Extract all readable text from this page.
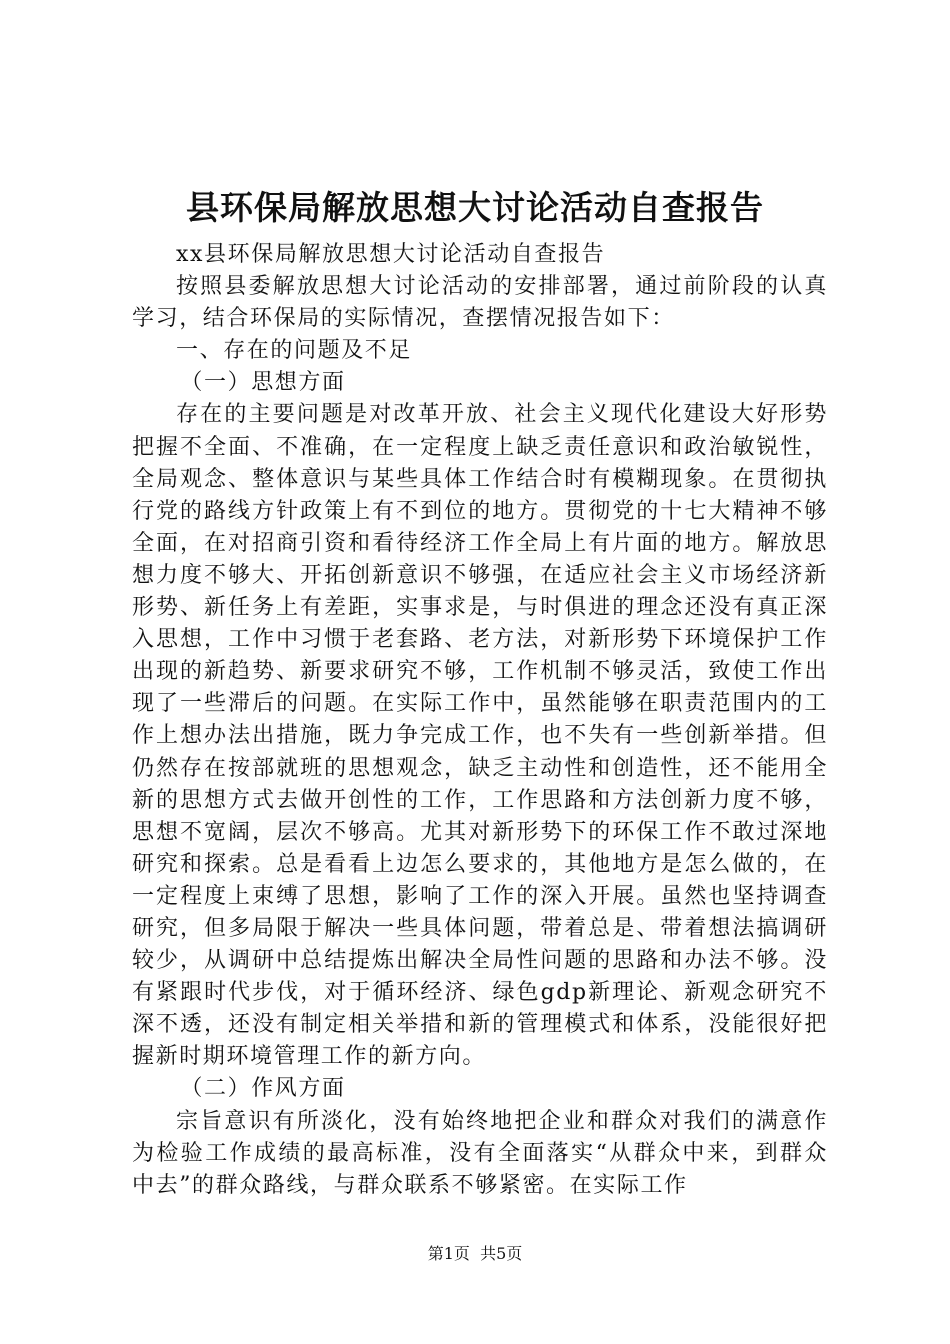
县环保局解放思想大讨论活动自查报告

xx县环保局解放思想大讨论活动自查报告

按照县委解放思想大讨论活动的安排部署，通过前阶段的认真学习，结合环保局的实际情况，查摆情况报告如下：

一、存在的问题及不足

（一）思想方面

存在的主要问题是对改革开放、社会主义现代化建设大好形势把握不全面、不准确，在一定程度上缺乏责任意识和政治敏锐性，全局观念、整体意识与某些具体工作结合时有模糊现象。在贯彻执行党的路线方针政策上有不到位的地方。贯彻党的十七大精神不够全面，在对招商引资和看待经济工作全局上有片面的地方。解放思想力度不够大、开拓创新意识不够强，在适应社会主义市场经济新形势、新任务上有差距，实事求是，与时俱进的理念还没有真正深入思想，工作中习惯于老套路、老方法，对新形势下环境保护工作出现的新趋势、新要求研究不够，工作机制不够灵活，致使工作出现了一些滞后的问题。在实际工作中，虽然能够在职责范围内的工作上想办法出措施，既力争完成工作，也不失有一些创新举措。但仍然存在按部就班的思想观念，缺乏主动性和创造性，还不能用全新的思想方式去做开创性的工作，工作思路和方法创新力度不够，思想不宽阔，层次不够高。尤其对新形势下的环保工作不敢过深地研究和探索。总是看看上边怎么要求的，其他地方是怎么做的，在一定程度上束缚了思想，影响了工作的深入开展。虽然也坚持调查研究，但多局限于解决一些具体问题，带着总是、带着想法搞调研较少，从调研中总结提炼出解决全局性问题的思路和办法不够。没有紧跟时代步伐，对于循环经济、绿色gdp新理论、新观念研究不深不透，还没有制定相关举措和新的管理模式和体系，没能很好把握新时期环境管理工作的新方向。

（二）作风方面

宗旨意识有所淡化，没有始终地把企业和群众对我们的满意作为检验工作成绩的最高标准，没有全面落实“从群众中来，到群众中去”的群众路线，与群众联系不够紧密。在实际工作

第1页  共5页
